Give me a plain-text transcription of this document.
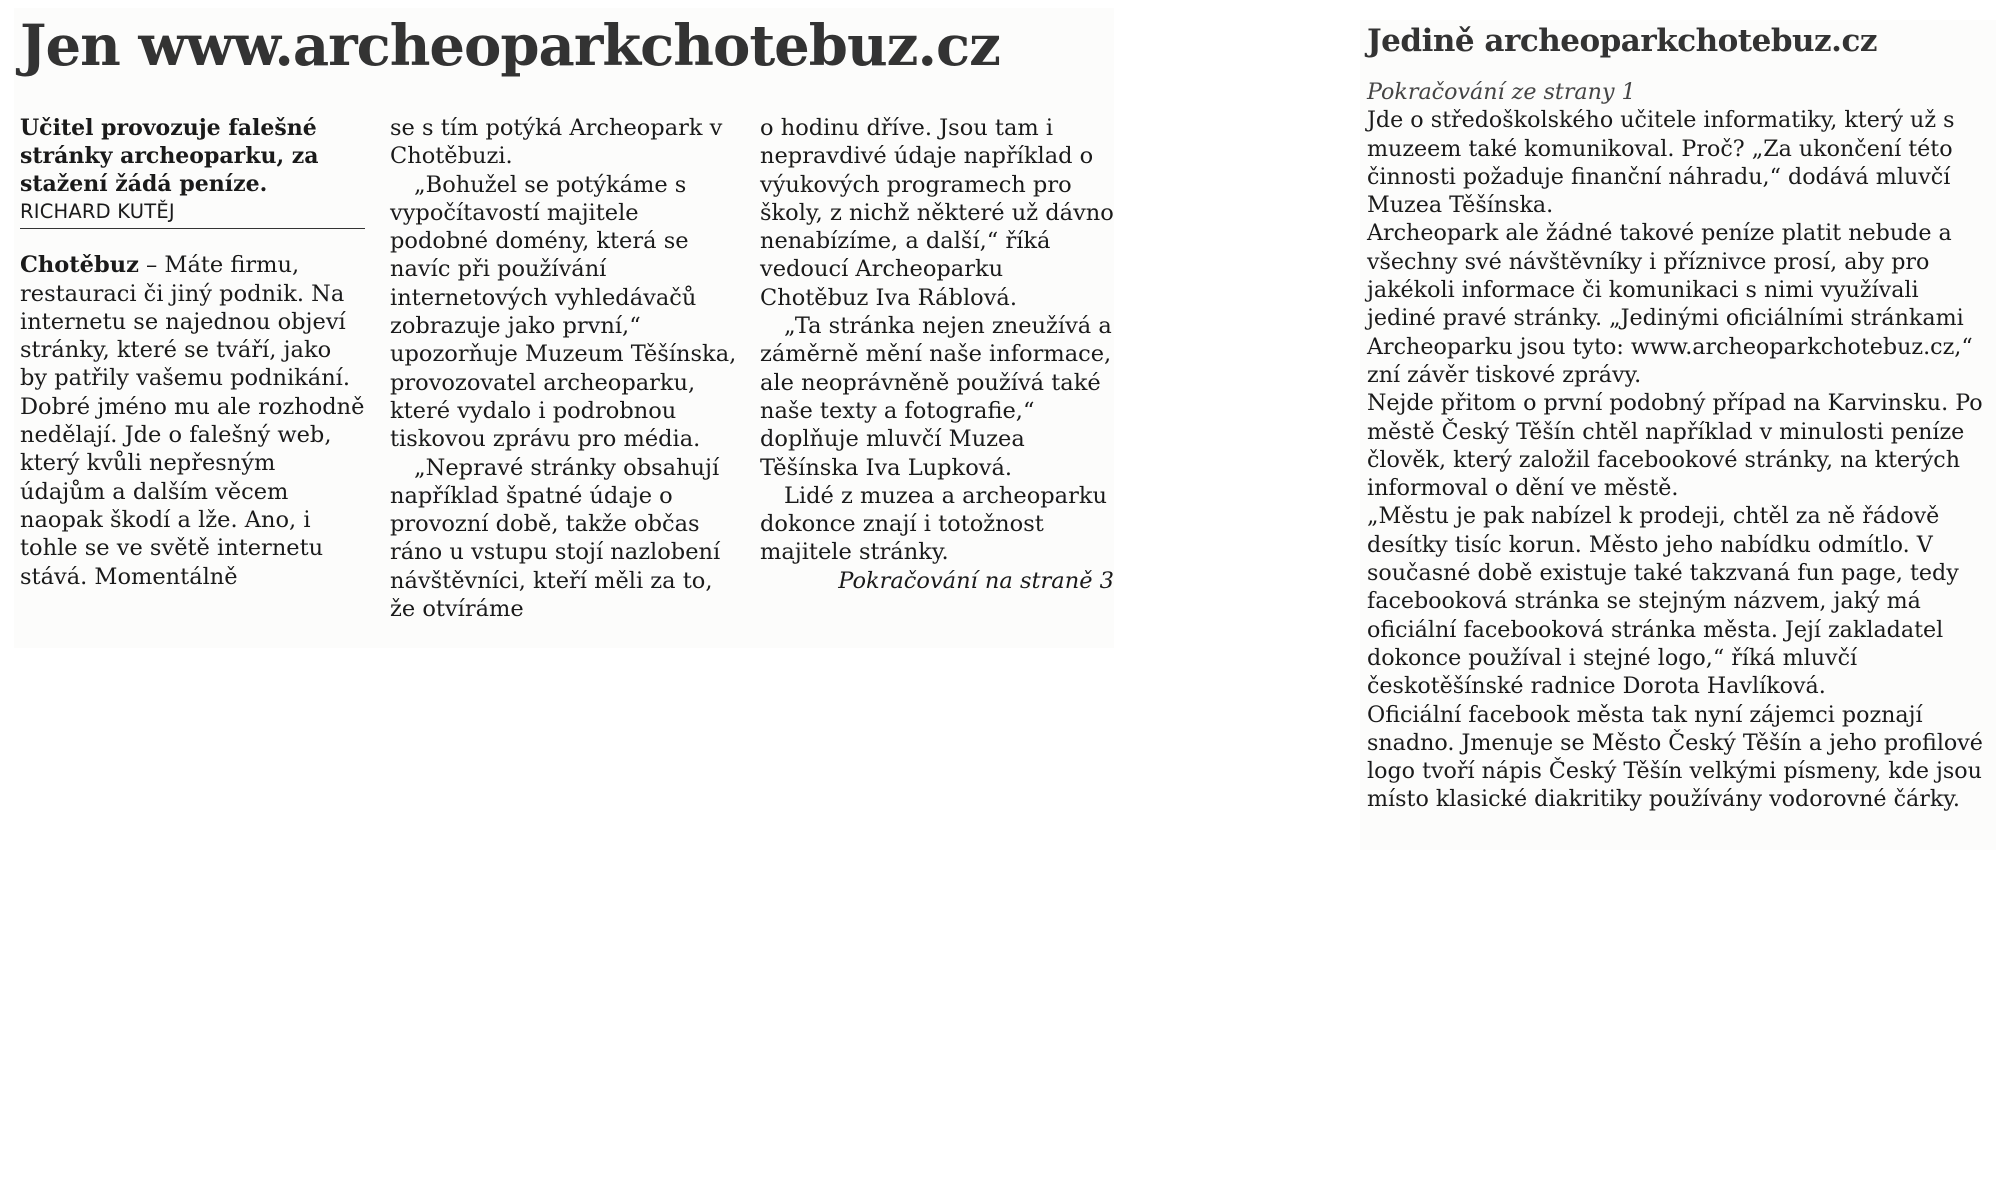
Jen www.archeoparkchotebuz.cz

Učitel provozuje falešné stránky archeoparku, za stažení žádá peníze.

RICHARD KUTĚJ

Chotěbuz – Máte firmu, restauraci či jiný podnik. Na internetu se najednou objeví stránky, které se tváří, jako by patřily vašemu podnikání. Dobré jméno mu ale rozhodně nedělají. Jde o falešný web, který kvůli nepřesným údajům a dalším věcem naopak škodí a lže. Ano, i tohle se ve světě internetu stává. Momentálně

se s tím potýká Archeopark v Chotěbuzi.

„Bohužel se potýkáme s vypočítavostí majitele podobné domény, která se navíc při používání internetových vyhledávačů zobrazuje jako první,“ upozorňuje Muzeum Těšínska, provozovatel archeoparku, které vydalo i podrobnou tiskovou zprávu pro média.

„Nepravé stránky obsahují například špatné údaje o provozní době, takže občas ráno u vstupu stojí nazlobení návštěvníci, kteří měli za to, že otvíráme

o hodinu dříve. Jsou tam i nepravdivé údaje například o výukových programech pro školy, z nichž některé už dávno nenabízíme, a další,“ říká vedoucí Archeoparku Chotěbuz Iva Ráblová.

„Ta stránka nejen zneužívá a záměrně mění naše informace, ale neoprávněně používá také naše texty a fotografie,“ doplňuje mluvčí Muzea Těšínska Iva Lupková.

Lidé z muzea a archeoparku dokonce znají i totožnost majitele stránky.

Pokračování na straně 3

Jedině archeoparkchotebuz.cz

Pokračování ze strany 1

Jde o středoškolského učitele informatiky, který už s muzeem také komunikoval. Proč? „Za ukončení této činnosti požaduje finanční náhradu,“ dodává mluvčí Muzea Těšínska.

Archeopark ale žádné takové peníze platit nebude a všechny své návštěvníky i příznivce prosí, aby pro jakékoli informace či komunikaci s nimi využívali jediné pravé stránky. „Jedinými oficiálními stránkami Archeoparku jsou tyto: www.archeoparkchotebuz.cz,“ zní závěr tiskové zprávy.

Nejde přitom o první podobný případ na Karvinsku. Po městě Český Těšín chtěl například v minulosti peníze člověk, který založil facebookové stránky, na kterých informoval o dění ve městě.

„Městu je pak nabízel k prodeji, chtěl za ně řádově desítky tisíc korun. Město jeho nabídku odmítlo. V současné době existuje také takzvaná fun page, tedy facebooková stránka se stejným názvem, jaký má oficiální facebooková stránka města. Její zakladatel dokonce používal i stejné logo,“ říká mluvčí českotěšínské radnice Dorota Havlíková.

Oficiální facebook města tak nyní zájemci poznají snadno. Jmenuje se Město Český Těšín a jeho profilové logo tvoří nápis Český Těšín velkými písmeny, kde jsou místo klasické diakritiky používány vodorovné čárky.
